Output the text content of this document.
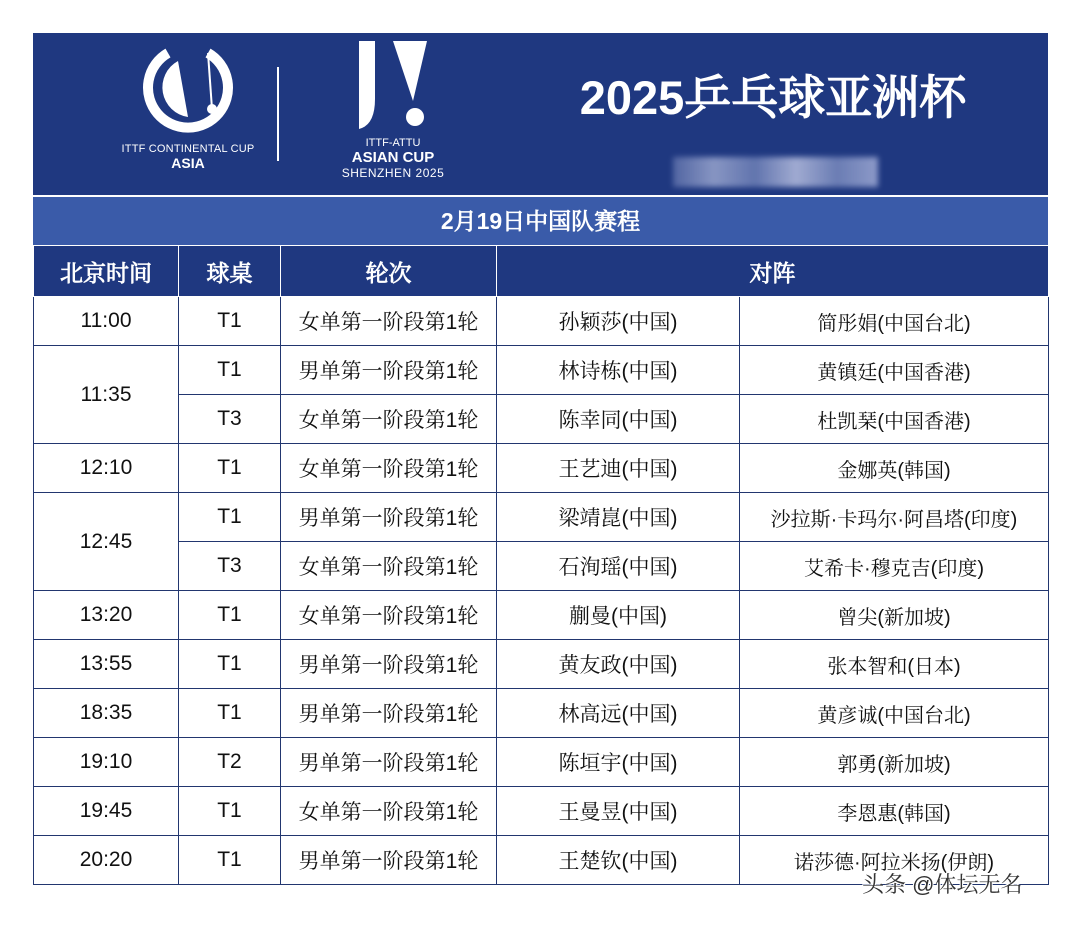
ITTF CONTINENTAL CUP
ASIA
ITTF-ATTU
ASIAN CUP
SHENZHEN 2025
2025乒乓球亚洲杯
2月19日中国队赛程
北京时间	球桌	轮次	对阵	
11:00	T1	女单第一阶段第1轮	孙颖莎(中国)	简彤娟(中国台北)
11:35	T1	男单第一阶段第1轮	林诗栋(中国)	黄镇廷(中国香港)
	T3	女单第一阶段第1轮	陈幸同(中国)	杜凯琹(中国香港)
12:10	T1	女单第一阶段第1轮	王艺迪(中国)	金娜英(韩国)
12:45	T1	男单第一阶段第1轮	梁靖崑(中国)	沙拉斯·卡玛尔·阿昌塔(印度)
	T3	女单第一阶段第1轮	石洵瑶(中国)	艾希卡·穆克吉(印度)
13:20	T1	女单第一阶段第1轮	蒯曼(中国)	曾尖(新加坡)
13:55	T1	男单第一阶段第1轮	黄友政(中国)	张本智和(日本)
18:35	T1	男单第一阶段第1轮	林高远(中国)	黄彦诚(中国台北)
19:10	T2	男单第一阶段第1轮	陈垣宇(中国)	郭勇(新加坡)
19:45	T1	女单第一阶段第1轮	王曼昱(中国)	李恩惠(韩国)
20:20	T1	男单第一阶段第1轮	王楚钦(中国)	诺莎德·阿拉米扬(伊朗)
头条 @体坛无名
